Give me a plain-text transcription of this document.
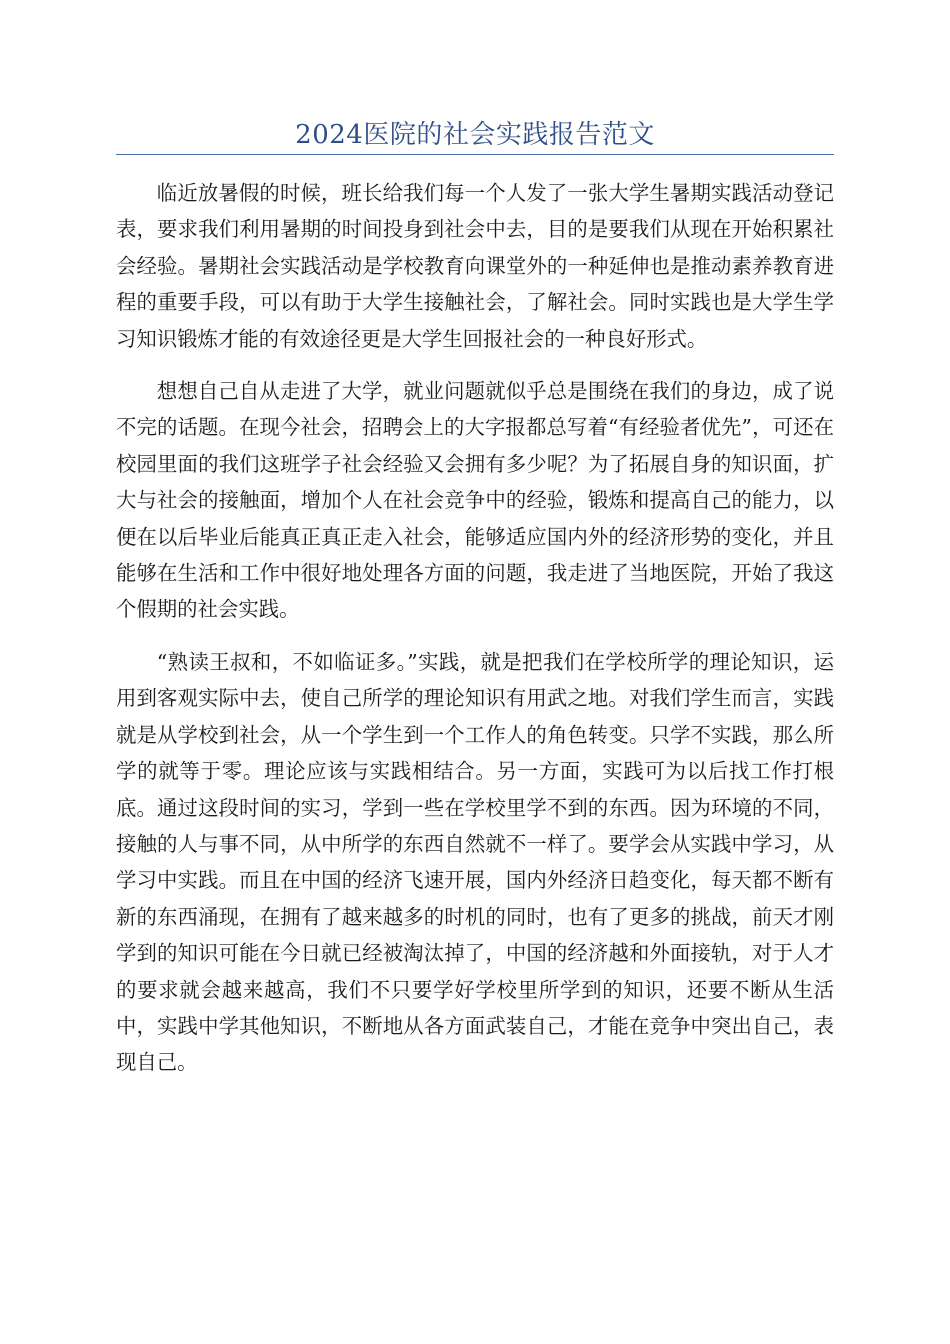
2024医院的社会实践报告范文

临近放暑假的时候，班长给我们每一个人发了一张大学生暑期实践活动登记表，要求我们利用暑期的时间投身到社会中去，目的是要我们从现在开始积累社会经验。暑期社会实践活动是学校教育向课堂外的一种延伸也是推动素养教育进程的重要手段，可以有助于大学生接触社会，了解社会。同时实践也是大学生学习知识锻炼才能的有效途径更是大学生回报社会的一种良好形式。

想想自己自从走进了大学，就业问题就似乎总是围绕在我们的身边，成了说不完的话题。在现今社会，招聘会上的大字报都总写着“有经验者优先”，可还在校园里面的我们这班学子社会经验又会拥有多少呢？为了拓展自身的知识面，扩大与社会的接触面，增加个人在社会竞争中的经验，锻炼和提高自己的能力，以便在以后毕业后能真正真正走入社会，能够适应国内外的经济形势的变化，并且能够在生活和工作中很好地处理各方面的问题，我走进了当地医院，开始了我这个假期的社会实践。

“熟读王叔和，不如临证多。”实践，就是把我们在学校所学的理论知识，运用到客观实际中去，使自己所学的理论知识有用武之地。对我们学生而言，实践就是从学校到社会，从一个学生到一个工作人的角色转变。只学不实践，那么所学的就等于零。理论应该与实践相结合。另一方面，实践可为以后找工作打根底。通过这段时间的实习，学到一些在学校里学不到的东西。因为环境的不同，接触的人与事不同，从中所学的东西自然就不一样了。要学会从实践中学习，从学习中实践。而且在中国的经济飞速开展，国内外经济日趋变化，每天都不断有新的东西涌现，在拥有了越来越多的时机的同时，也有了更多的挑战，前天才刚学到的知识可能在今日就已经被淘汰掉了，中国的经济越和外面接轨，对于人才的要求就会越来越高，我们不只要学好学校里所学到的知识，还要不断从生活中，实践中学其他知识，不断地从各方面武装自己，才能在竞争中突出自己，表现自己。
